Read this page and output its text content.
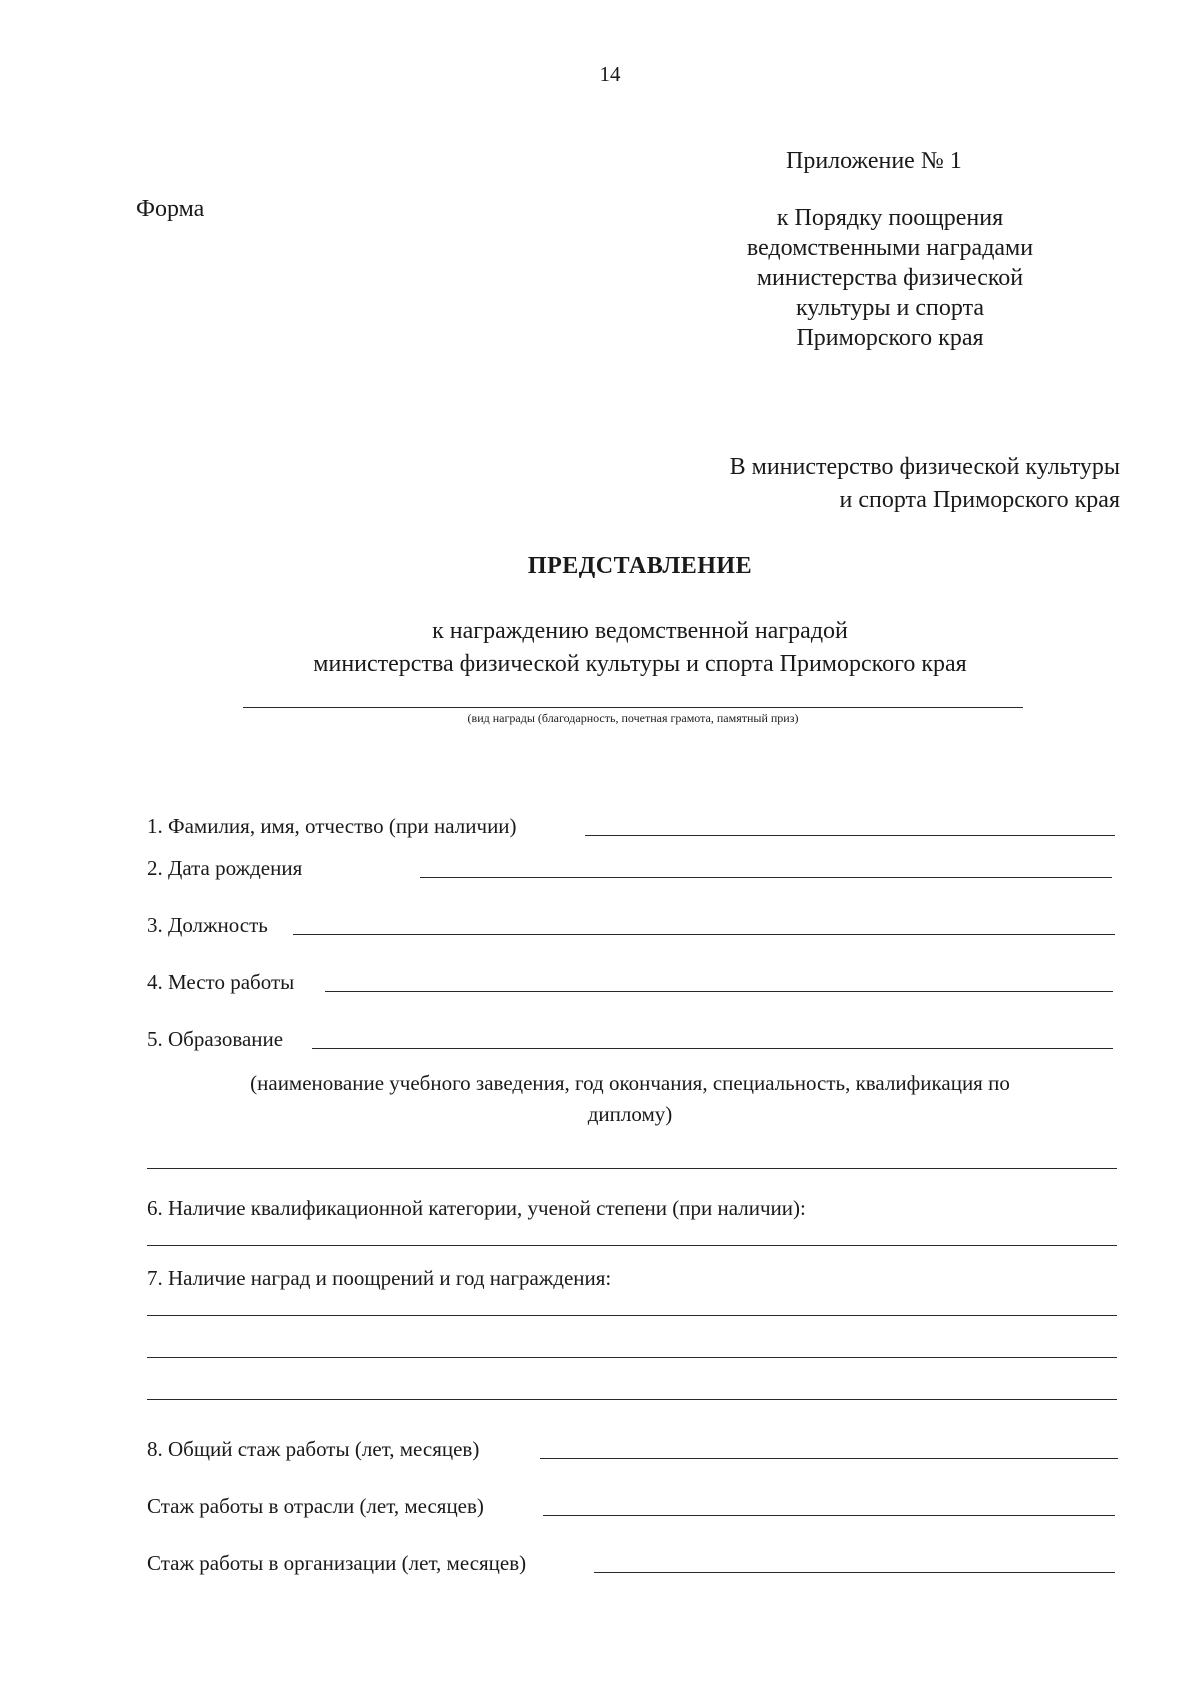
14
Приложение № 1
Форма	к Порядку поощрения
ведомственными наградами
министерства физической
культуры и спорта
Приморского края
В министерство физической культуры
и спорта Приморского края
ПРЕДСТАВЛЕНИЕ
к награждению ведомственной наградой
министерства физической культуры и спорта Приморского края
(вид награды (благодарность, почетная грамота, памятный приз)
1. Фамилия, имя, отчество (при наличии)
2. Дата рождения
3. Должность
4. Место работы
5. Образование
(наименование учебного заведения, год окончания, специальность, квалификация по
диплому)
6. Наличие квалификационной категории, ученой степени (при наличии):
7. Наличие наград и поощрений и год награждения:
8. Общий стаж работы (лет, месяцев)
Стаж работы в отрасли (лет, месяцев)
Стаж работы в организации (лет, месяцев)
